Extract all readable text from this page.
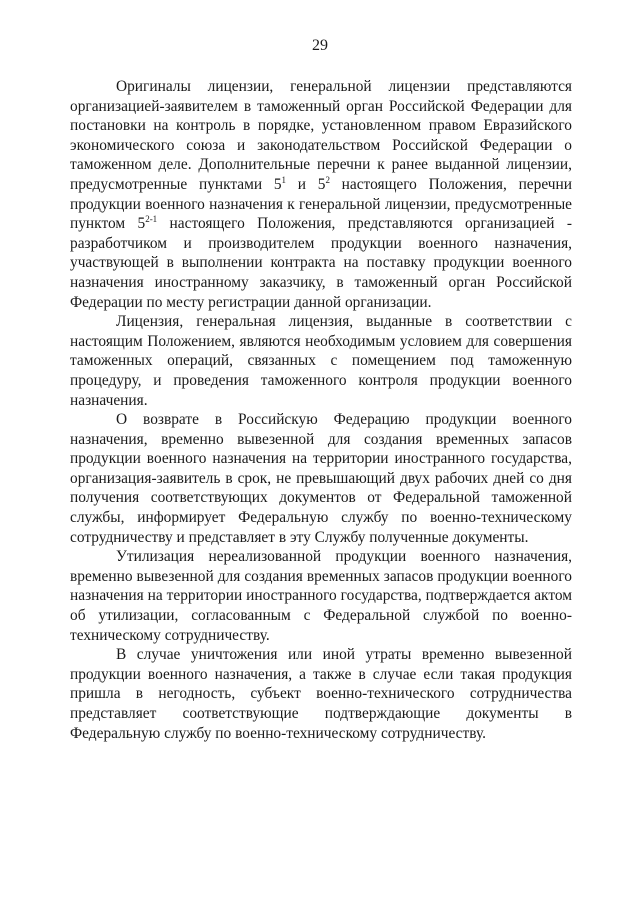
29

Оригиналы лицензии, генеральной лицензии представляются организацией-заявителем в таможенный орган Российской Федерации для постановки на контроль в порядке, установленном правом Евразийского экономического союза и законодательством Российской Федерации о таможенном деле. Дополнительные перечни к ранее выданной лицензии, предусмотренные пунктами $5^1$ и $5^2$ настоящего Положения, перечни продукции военного назначения к генеральной лицензии, предусмотренные пунктом 5$^{2-1}$ настоящего Положения, представляются организацией - разработчиком и производителем продукции военного назначения, участвующей в выполнении контракта на поставку продукции военного назначения иностранному заказчику, в таможенный орган Российской Федерации по месту регистрации данной организации.

Лицензия, генеральная лицензия, выданные в соответствии с настоящим Положением, являются необходимым условием для совершения таможенных операций, связанных с помещением под таможенную процедуру, и проведения таможенного контроля продукции военного назначения.

О возврате в Российскую Федерацию продукции военного назначения, временно вывезенной для создания временных запасов продукции военного назначения на территории иностранного государства, организация-заявитель в срок, не превышающий двух рабочих дней со дня получения соответствующих документов от Федеральной таможенной службы, информирует Федеральную службу по военно-техническому сотрудничеству и представляет в эту Службу полученные документы.

Утилизация нереализованной продукции военного назначения, временно вывезенной для создания временных запасов продукции военного назначения на территории иностранного государства, подтверждается актом об утилизации, согласованным с Федеральной службой по военно-техническому сотрудничеству.

В случае уничтожения или иной утраты временно вывезенной продукции военного назначения, а также в случае если такая продукция пришла в негодность, субъект военно-технического сотрудничества представляет соответствующие подтверждающие документы в Федеральную службу по военно-техническому сотрудничеству.
